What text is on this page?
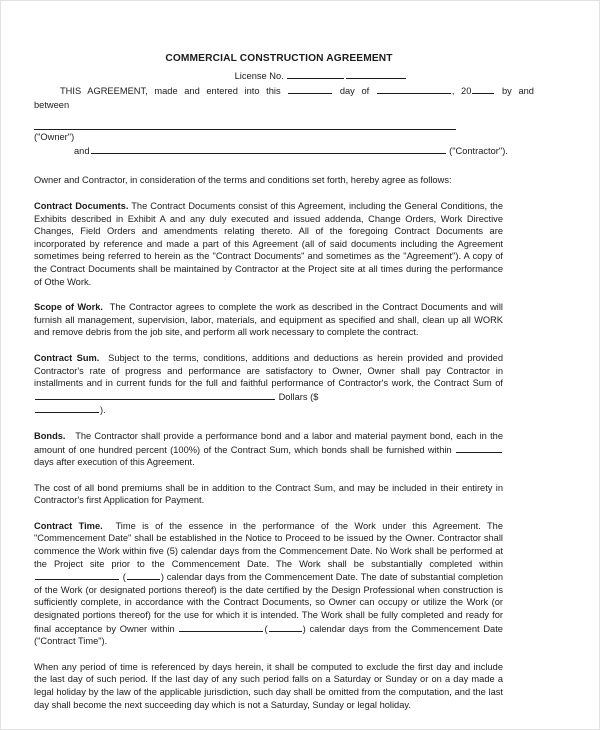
COMMERCIAL CONSTRUCTION AGREEMENT
License No.
THIS AGREEMENT, made and entered into this	day of	, 20	by and
between
("Owner")
and	("Contractor").
Owner and Contractor, in consideration of the terms and conditions set forth, hereby agree as follows:
Contract Documents. The Contract Documents consist of this Agreement, including the General Conditions, the Exhibits described in Exhibit A and any duly executed and issued addenda, Change Orders, Work Directive Changes, Field Orders and amendments relating thereto. All of the foregoing Contract Documents are incorporated by reference and made a part of this Agreement (all of said documents including the Agreement sometimes being referred to herein as the "Contract Documents" and sometimes as the "Agreement"). A copy of the Contract Documents shall be maintained by Contractor at the Project site at all times during the performance of Othe Work.
Scope of Work. The Contractor agrees to complete the work as described in the Contract Documents and will furnish all management, supervision, labor, materials, and equipment as specified and shall, clean up all WORK and remove debris from the job site, and perform all work necessary to complete the contract.
Contract Sum. Subject to the terms, conditions, additions and deductions as herein provided and provided Contractor's rate of progress and performance are satisfactory to Owner, Owner shall pay Contractor in installments and in current funds for the full and faithful performance of Contractor's work, the Contract Sum of Dollars ($
).
Bonds. The Contractor shall provide a performance bond and a labor and material payment bond, each in the amount of one hundred percent (100%) of the Contract Sum, which bonds shall be furnished within  days after execution of this Agreement.
The cost of all bond premiums shall be in addition to the Contract Sum, and may be included in their entirety in Contractor's first Application for Payment.
Contract Time. Time is of the essence in the performance of the Work under this Agreement. The "Commencement Date" shall be established in the Notice to Proceed to be issued by the Owner. Contractor shall commence the Work within five (5) calendar days from the Commencement Date. No Work shall be performed at the Project site prior to the Commencement Date. The Work shall be substantially completed within (	) calendar days from the Commencement Date. The date of substantial completion of the Work (or designated portions thereof) is the date certified by the Design Professional when construction is sufficiently complete, in accordance with the Contract Documents, so Owner can occupy or utilize the Work (or designated portions thereof) for the use for which it is intended. The Work shall be fully completed and ready for final acceptance by Owner within	(	) calendar days from the Commencement Date ("Contract Time").
When any period of time is referenced by days herein, it shall be computed to exclude the first day and include the last day of such period. If the last day of any such period falls on a Saturday or Sunday or on a day made a legal holiday by the law of the applicable jurisdiction, such day shall be omitted from the computation, and the last day shall become the next succeeding day which is not a Saturday, Sunday or legal holiday.
